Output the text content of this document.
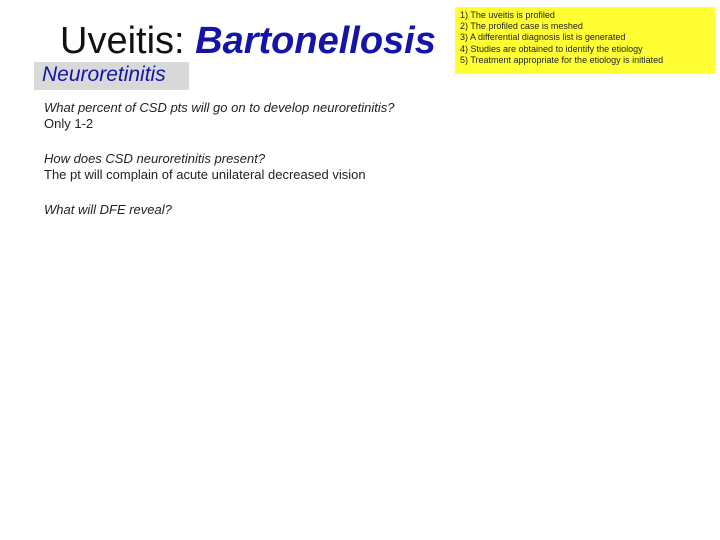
Uveitis: Bartonellosis
Neuroretinitis
1) The uveitis is profiled
2) The profiled case is meshed
3) A differential diagnosis list is generated
4) Studies are obtained to identify the etiology
5) Treatment appropriate for the etiology is initiated
What percent of CSD pts will go on to develop neuroretinitis?
Only 1-2
How does CSD neuroretinitis present?
The pt will complain of acute unilateral decreased vision
What will DFE reveal?
